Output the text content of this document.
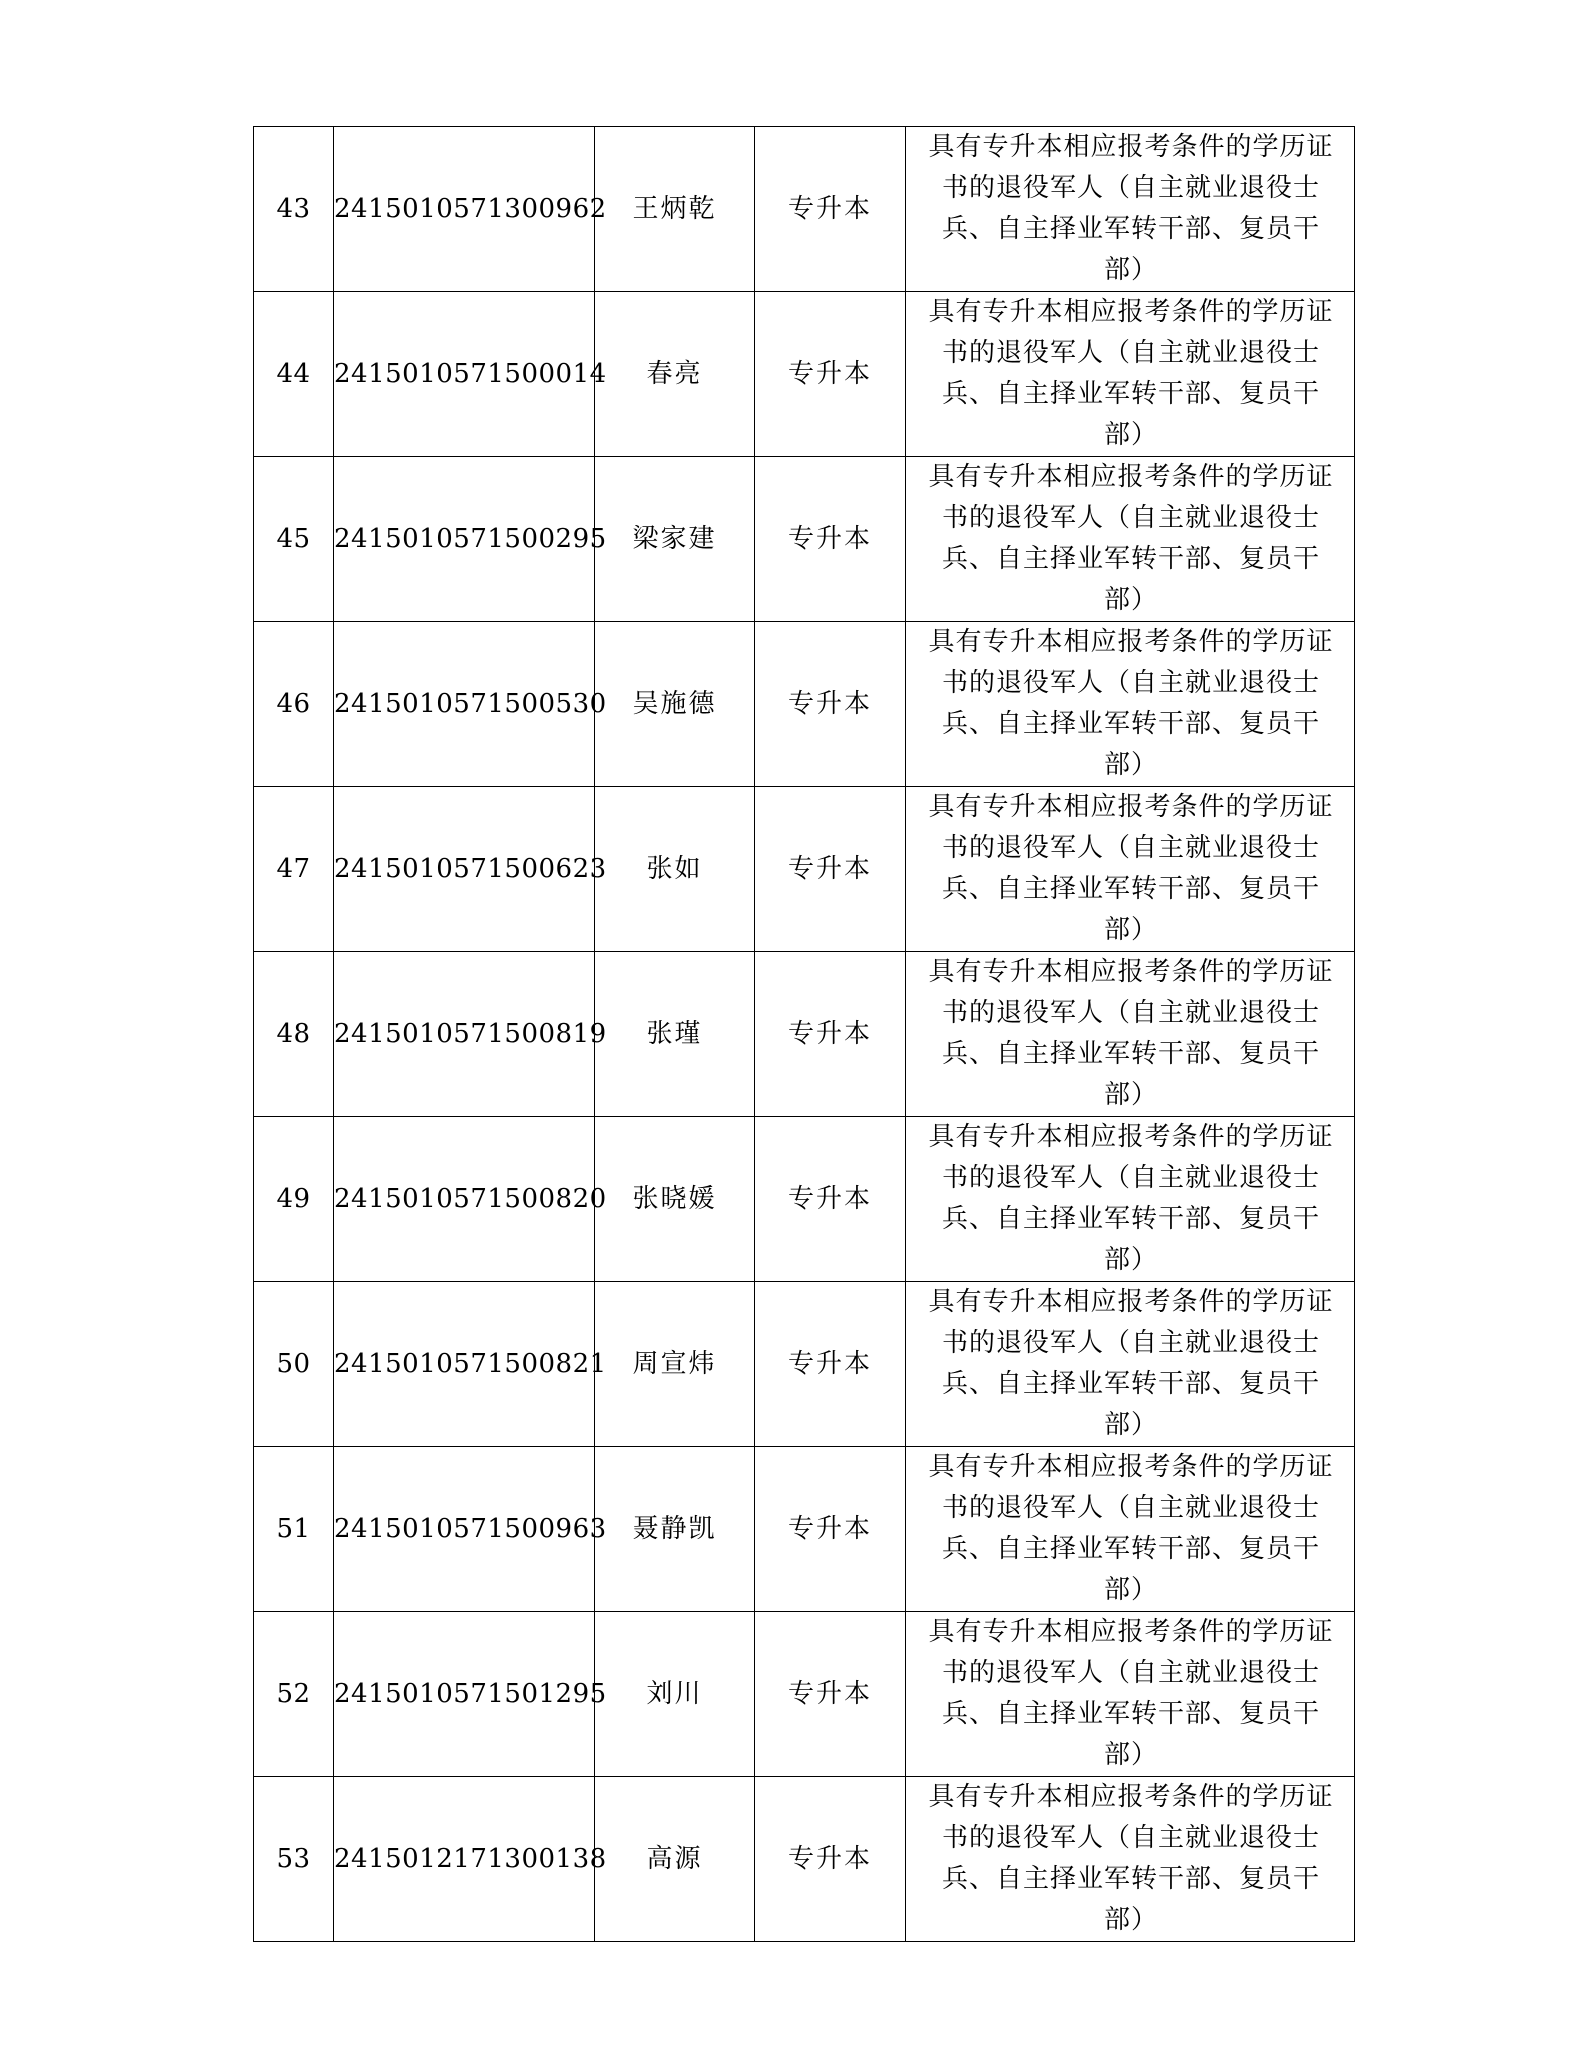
43	2415010571300962	王炳乾	专升本	具有专升本相应报考条件的学历证书的退役军人（自主就业退役士兵、自主择业军转干部、复员干部）
44	2415010571500014	春亮	专升本	具有专升本相应报考条件的学历证书的退役军人（自主就业退役士兵、自主择业军转干部、复员干部）
45	2415010571500295	梁家建	专升本	具有专升本相应报考条件的学历证书的退役军人（自主就业退役士兵、自主择业军转干部、复员干部）
46	2415010571500530	吴施德	专升本	具有专升本相应报考条件的学历证书的退役军人（自主就业退役士兵、自主择业军转干部、复员干部）
47	2415010571500623	张如	专升本	具有专升本相应报考条件的学历证书的退役军人（自主就业退役士兵、自主择业军转干部、复员干部）
48	2415010571500819	张瑾	专升本	具有专升本相应报考条件的学历证书的退役军人（自主就业退役士兵、自主择业军转干部、复员干部）
49	2415010571500820	张晓媛	专升本	具有专升本相应报考条件的学历证书的退役军人（自主就业退役士兵、自主择业军转干部、复员干部）
50	2415010571500821	周宣炜	专升本	具有专升本相应报考条件的学历证书的退役军人（自主就业退役士兵、自主择业军转干部、复员干部）
51	2415010571500963	聂静凯	专升本	具有专升本相应报考条件的学历证书的退役军人（自主就业退役士兵、自主择业军转干部、复员干部）
52	2415010571501295	刘川	专升本	具有专升本相应报考条件的学历证书的退役军人（自主就业退役士兵、自主择业军转干部、复员干部）
53	2415012171300138	高源	专升本	具有专升本相应报考条件的学历证书的退役军人（自主就业退役士兵、自主择业军转干部、复员干部）
